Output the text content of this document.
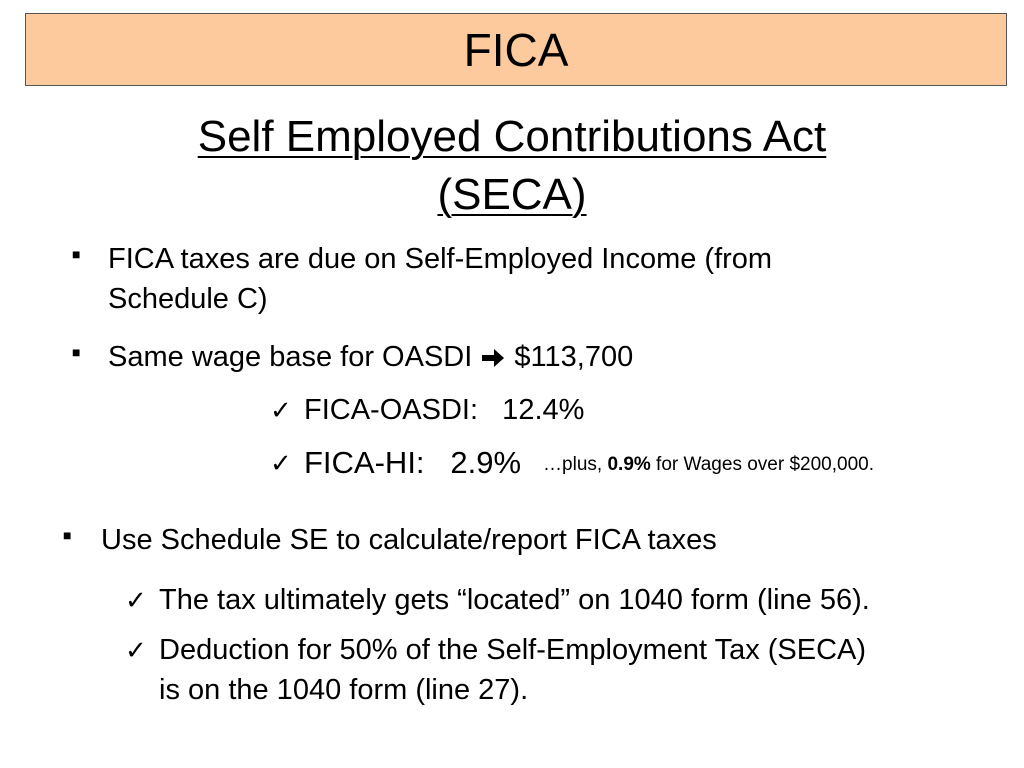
FICA
Self Employed Contributions Act
(SECA)
■ FICA taxes are due on Self-Employed Income (from
Schedule C)
■ Same wage base for OASDI $113,700
✓ FICA-OASDI:   12.4%
✓ FICA-HI:   2.9% …plus, 0.9% for Wages over $200,000.
■	Use Schedule SE to calculate/report FICA taxes
✓ The tax ultimately gets “located” on 1040 form (line 56).
✓ Deduction for 50% of the Self-Employment Tax (SECA)
is on the 1040 form (line 27).
